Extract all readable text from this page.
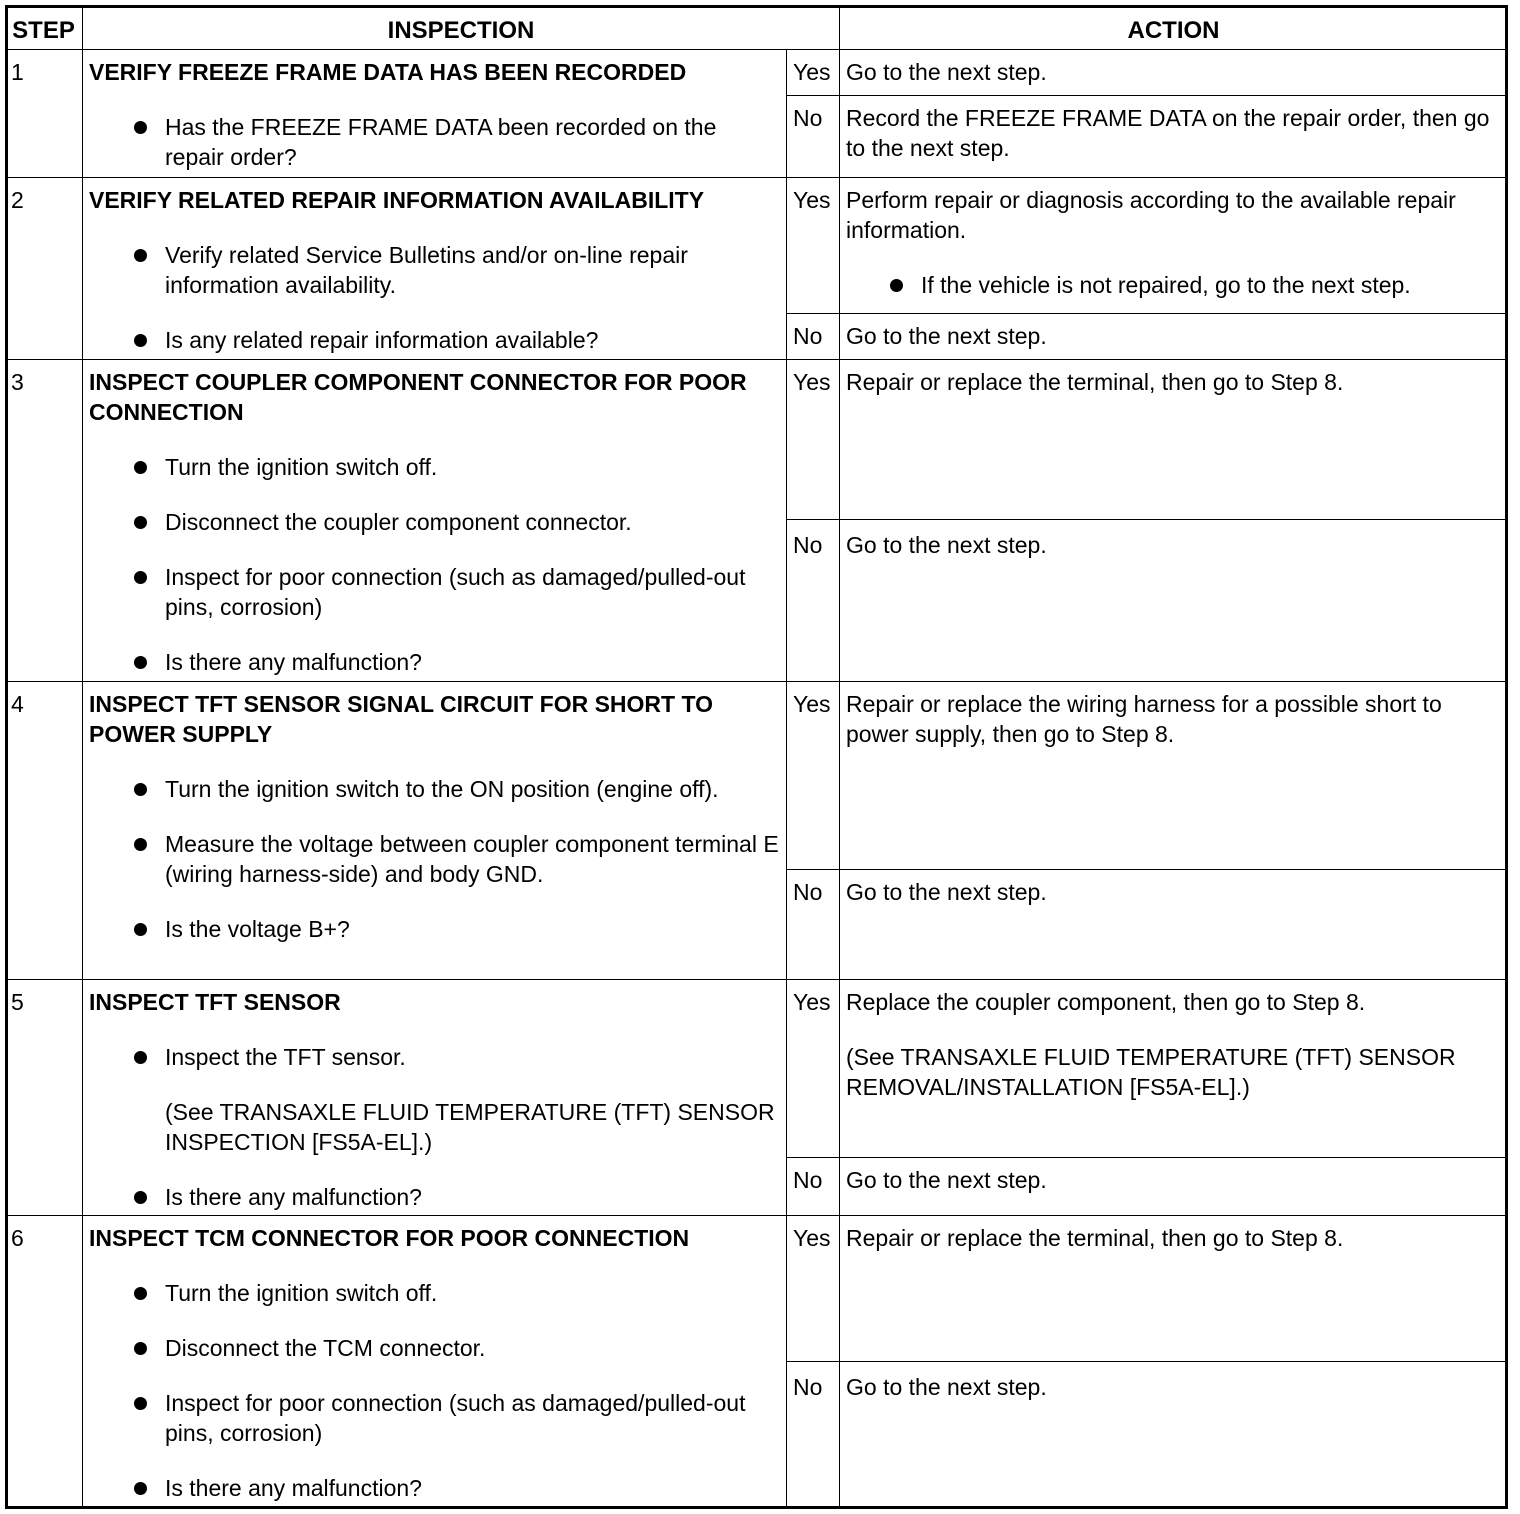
STEP	INSPECTION	ACTION
1	VERIFY FREEZE FRAME DATA HAS BEEN RECORDED

Has the FREEZE FRAME DATA been recorded on the repair order?
Yes Go to the next step.
No	Record the FREEZE FRAME DATA on the repair order, then go to the next step.
2	VERIFY RELATED REPAIR INFORMATION AVAILABILITY

Verify related Service Bulletins and/or on-line repair information availability.
Is any related repair information available?
Yes Perform repair or diagnosis according to the available repair information.
If the vehicle is not repaired, go to the next step.
No	Go to the next step.
3	INSPECT COUPLER COMPONENT CONNECTOR FOR POOR CONNECTION

Turn the ignition switch off.
Disconnect the coupler component connector.
Inspect for poor connection (such as damaged/pulled-out pins, corrosion)
Is there any malfunction?
Yes Repair or replace the terminal, then go to Step 8.
No	Go to the next step.
4	INSPECT TFT SENSOR SIGNAL CIRCUIT FOR SHORT TO POWER SUPPLY

Turn the ignition switch to the ON position (engine off).
Measure the voltage between coupler component terminal E (wiring harness-side) and body GND.
Is the voltage B+?
Yes Repair or replace the wiring harness for a possible short to power supply, then go to Step 8.
No	Go to the next step.
5	INSPECT TFT SENSOR

Inspect the TFT sensor.
(See TRANSAXLE FLUID TEMPERATURE (TFT) SENSOR INSPECTION [FS5A-EL].)
Is there any malfunction?
Yes Replace the coupler component, then go to Step 8.
(See TRANSAXLE FLUID TEMPERATURE (TFT) SENSOR REMOVAL/INSTALLATION [FS5A-EL].)
No	Go to the next step.
6	INSPECT TCM CONNECTOR FOR POOR CONNECTION

Turn the ignition switch off.
Disconnect the TCM connector.
Inspect for poor connection (such as damaged/pulled-out pins, corrosion)
Is there any malfunction?
Yes Repair or replace the terminal, then go to Step 8.
No	Go to the next step.
